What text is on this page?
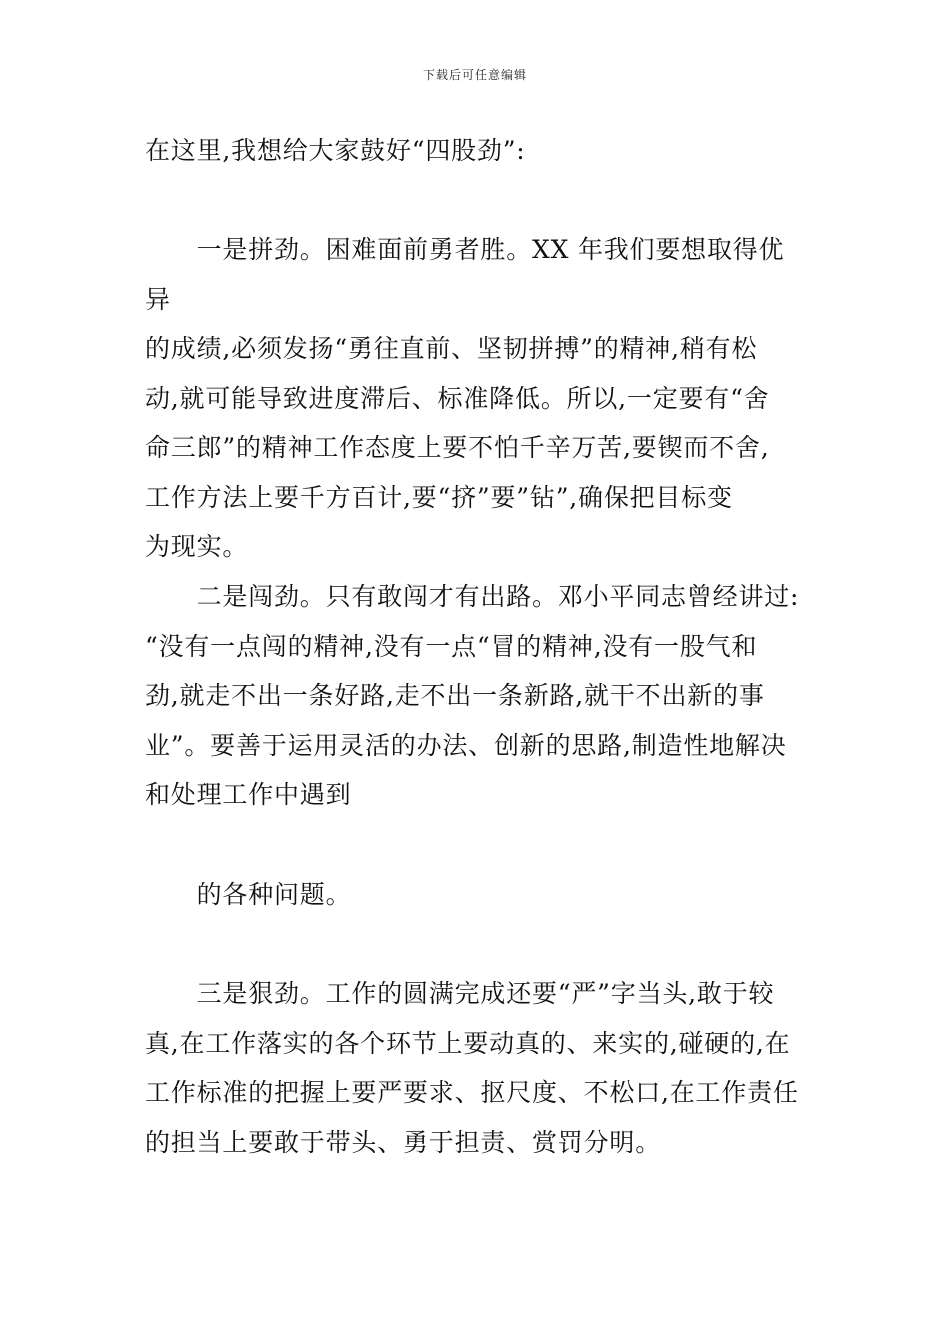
下载后可任意编辑

在这里,我想给大家鼓好“四股劲”:

　　一是拼劲。困难面前勇者胜。XX 年我们要想取得优异
的成绩,必须发扬“勇往直前、坚韧拼搏”的精神,稍有松
动,就可能导致进度滞后、标准降低。所以,一定要有“舍
命三郎”的精神工作态度上要不怕千辛万苦,要锲而不舍,
工作方法上要千方百计,要“挤”要”钻”,确保把目标变
为现实。

　　二是闯劲。只有敢闯才有出路。邓小平同志曾经讲过:
“没有一点闯的精神,没有一点“冒的精神,没有一股气和
劲,就走不出一条好路,走不出一条新路,就干不出新的事
业”。要善于运用灵活的办法、创新的思路,制造性地解决
和处理工作中遇到

　　的各种问题。

　　三是狠劲。工作的圆满完成还要“严”字当头,敢于较
真,在工作落实的各个环节上要动真的、来实的,碰硬的,在
工作标准的把握上要严要求、抠尺度、不松口,在工作责任
的担当上要敢于带头、勇于担责、赏罚分明。
